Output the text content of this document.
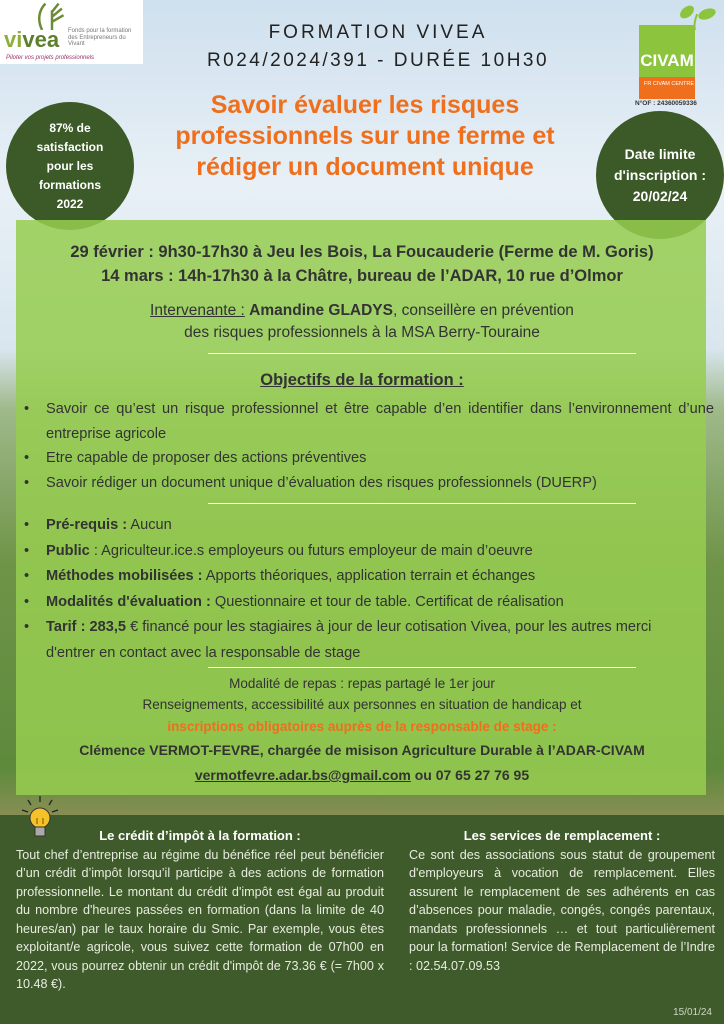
vivea Fonds pour la formation des Entrepreneurs du Vivant
Piloter vos projets professionnels
FORMATION VIVEA
R024/2024/391 - DURÉE 10H30
Savoir évaluer les risques professionnels sur une ferme et rédiger un document unique
CIVAM
FR CIVAM CENTRE
N°OF : 24360059336
87% de satisfaction pour les formations 2022
Date limite d'inscription :
20/02/24
29 février : 9h30-17h30 à Jeu les Bois, La Foucauderie (Ferme de M. Goris)
14 mars : 14h-17h30 à la Châtre, bureau de l’ADAR, 10 rue d’Olmor
Intervenante : Amandine GLADYS, conseillère en prévention des risques professionnels à la MSA Berry-Touraine
Objectifs de la formation :
• Savoir ce qu’est un risque professionnel et être capable d’en identifier dans l’environnement d’une entreprise agricole
• Etre capable de proposer des actions préventives
• Savoir rédiger un document unique d’évaluation des risques professionnels (DUERP)
• Pré-requis : Aucun
• Public : Agriculteur.ice.s employeurs ou futurs employeur de main d’oeuvre
• Méthodes mobilisées : Apports théoriques, application terrain et échanges
• Modalités d'évaluation : Questionnaire et tour de table. Certificat de réalisation
• Tarif : 283,5 € financé pour les stagiaires à jour de leur cotisation Vivea, pour les autres merci d'entrer en contact avec la responsable de stage
Modalité de repas : repas partagé le 1er jour
Renseignements, accessibilité aux personnes en situation de handicap et
inscriptions obligatoires auprès de la responsable de stage :
Clémence VERMOT-FEVRE, chargée de misison Agriculture Durable à l’ADAR-CIVAM
vermotfevre.adar.bs@gmail.com ou 07 65 27 76 95
Le crédit d’impôt à la formation :

Tout chef d’entreprise au régime du bénéfice réel peut bénéficier d’un crédit d’impôt lorsqu’il participe à des actions de formation professionnelle. Le montant du crédit d'impôt est égal au produit du nombre d'heures passées en formation (dans la limite de 40 heures/an) par le taux horaire du Smic. Par exemple, vous êtes exploitant/e agricole, vous suivez cette formation de 07h00 en 2022, vous pourrez obtenir un crédit d'impôt de 73.36 € (= 7h00 x 10.48 €).

Les services de remplacement :

Ce sont des associations sous statut de groupement d'employeurs à vocation de remplacement. Elles assurent le remplacement de ses adhérents en cas d’absences pour maladie, congés, congés parentaux, mandats professionnels … et tout particulièrement pour la formation! Service de Remplacement de l’Indre : 02.54.07.09.53

15/01/24
